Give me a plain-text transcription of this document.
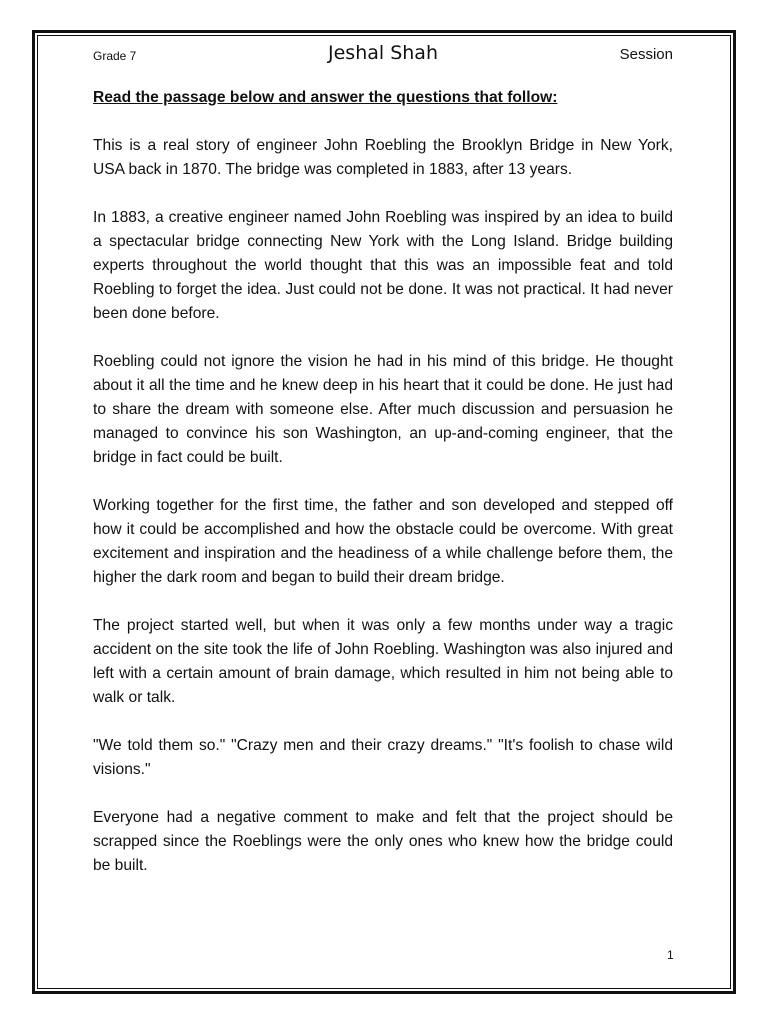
Grade 7	Jeshal Shah	Session

Read the passage below and answer the questions that follow:

This is a real story of engineer John Roebling the Brooklyn Bridge in New York, USA back in 1870. The bridge was completed in 1883, after 13 years.

In 1883, a creative engineer named John Roebling was inspired by an idea to build a spectacular bridge connecting New York with the Long Island. Bridge building experts throughout the world thought that this was an impossible feat and told Roebling to forget the idea. Just could not be done. It was not practical. It had never been done before.

Roebling could not ignore the vision he had in his mind of this bridge. He thought about it all the time and he knew deep in his heart that it could be done. He just had to share the dream with someone else. After much discussion and persuasion he managed to convince his son Washington, an up-and-coming engineer, that the bridge in fact could be built.

Working together for the first time, the father and son developed and stepped off how it could be accomplished and how the obstacle could be overcome. With great excitement and inspiration and the headiness of a while challenge before them, the higher the dark room and began to build their dream bridge.

The project started well, but when it was only a few months under way a tragic accident on the site took the life of John Roebling. Washington was also injured and left with a certain amount of brain damage, which resulted in him not being able to walk or talk.

"We told them so." "Crazy men and their crazy dreams." "It's foolish to chase wild visions."

Everyone had a negative comment to make and felt that the project should be scrapped since the Roeblings were the only ones who knew how the bridge could be built.

1
